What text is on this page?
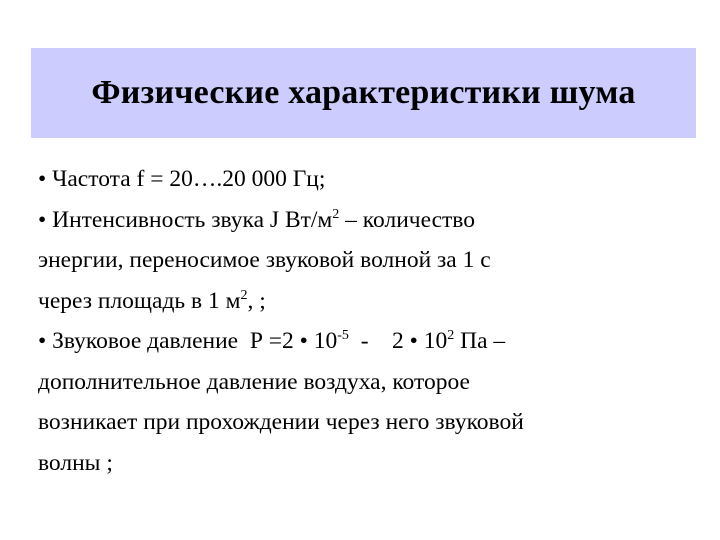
Физические характеристики шума
• Частота f = 20….20 000 Гц;
• Интенсивность звука J $Вт/м^2$ – количество
энергии, переносимое звуковой волной за 1 с
через площадь в 1 $м^2$, ;
• Звуковое давление  Р =2 • $10^{-5}$  -    2 • $10^2$ Па –
дополнительное давление воздуха, которое
возникает при прохождении через него звуковой
волны ;
